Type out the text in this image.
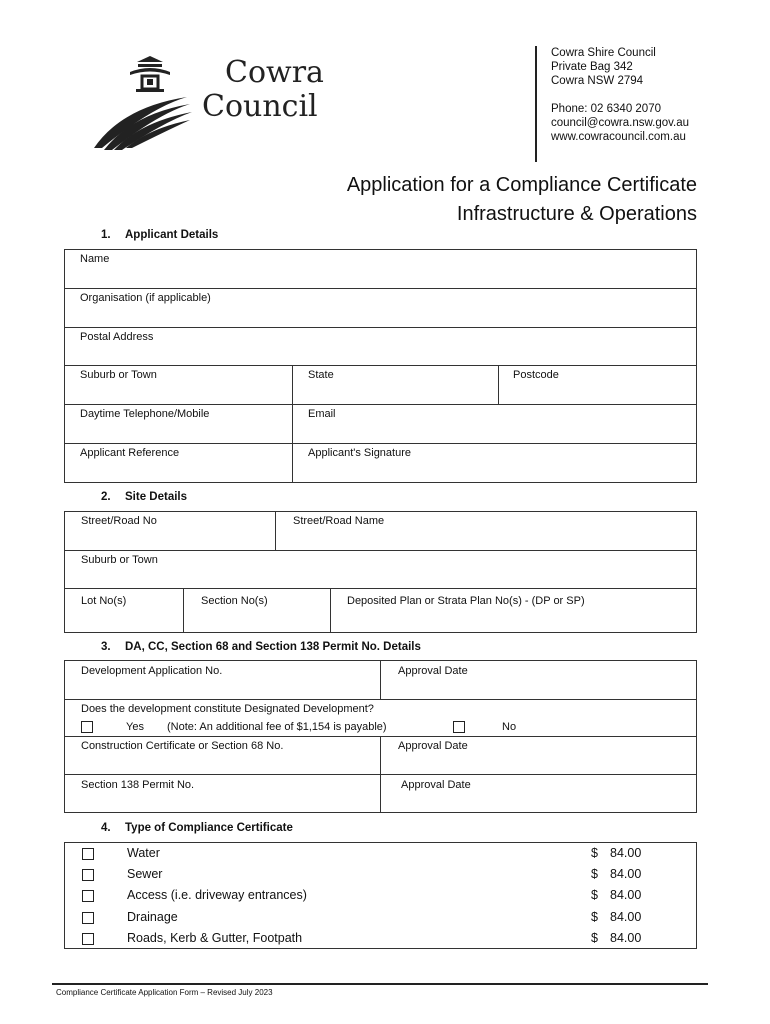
Cowra
Council
Cowra Shire Council
Private Bag 342
Cowra NSW 2794
Phone: 02 6340 2070
council@cowra.nsw.gov.au
www.cowracouncil.com.au
Application for a Compliance Certificate
Infrastructure & Operations
1. Applicant Details
Name
Organisation (if applicable)
Postal Address
Suburb or Town	State	Postcode
Daytime Telephone/Mobile	Email
Applicant Reference	Applicant's Signature
2. Site Details
Street/Road No	Street/Road Name
Suburb or Town
Lot No(s)	Section No(s)	Deposited Plan or Strata Plan No(s) - (DP or SP)
3. DA, CC, Section 68 and Section 138 Permit No. Details
Development Application No.	Approval Date
Does the development constitute Designated Development?
Yes (Note: An additional fee of $1,154 is payable)	No
Construction Certificate or Section 68 No.	Approval Date
Section 138 Permit No.	Approval Date
4. Type of Compliance Certificate
Water	$ 84.00
Sewer	$ 84.00
Access (i.e. driveway entrances)	$ 84.00
Drainage	$ 84.00
Roads, Kerb & Gutter, Footpath	$ 84.00
Compliance Certificate Application Form – Revised July 2023
